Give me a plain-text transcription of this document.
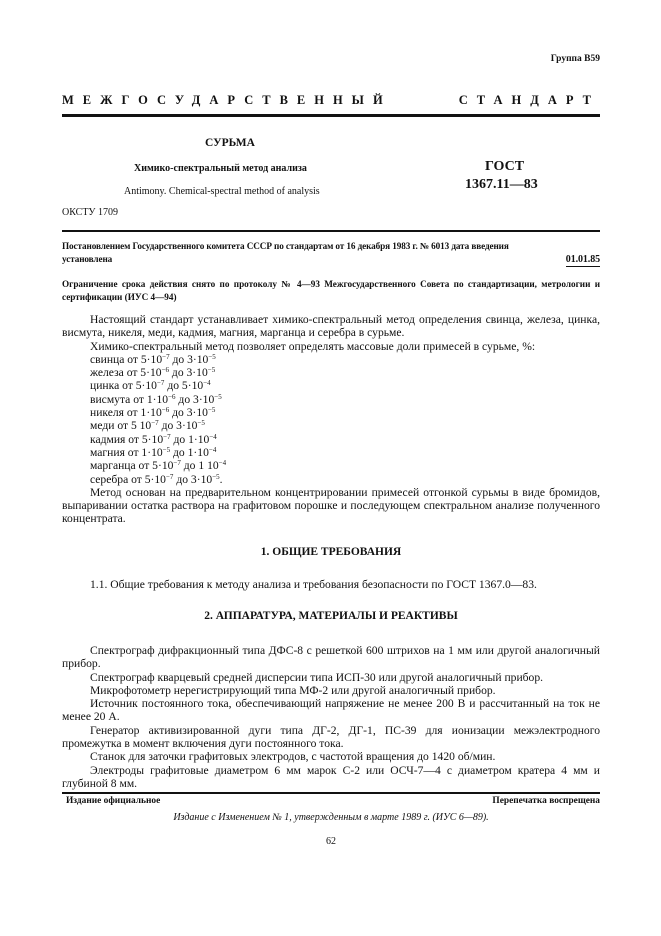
Группа В59
МЕЖГОСУДАРСТВЕННЫЙ	СТАНДАРТ
СУРЬМА
Химико-спектральный метод анализа
Antimony. Chemical-spectral method of analysis
ГОСТ
1367.11—83
ОКСТУ 1709
Постановлением Государственного комитета СССР по стандартам от 16 декабря 1983 г. № 6013 дата введения
установлена	01.01.85
Ограничение срока действия снято по протоколу № 4—93 Межгосударственного Совета по стандартизации, метрологии и сертификации (ИУС 4—94)
Настоящий стандарт устанавливает химико-спектральный метод определения свинца, железа, цинка, висмута, никеля, меди, кадмия, магния, марганца и серебра в сурьме.
Химико-спектральный метод позволяет определять массовые доли примесей в сурьме, %:
свинца от $5\cdot 10^{-7}$ до $3\cdot 10^{-5}$
железа от $5\cdot 10^{-6}$ до $3\cdot 10^{-5}$
цинка от $5\cdot 10^{-7}$ до $5\cdot 10^{-4}$
висмута от $1\cdot 10^{-6}$ до $3\cdot 10^{-5}$
никеля от $1\cdot 10^{-6}$ до $3\cdot 10^{-5}$
меди от 5 $10^{-7}$ до $3\cdot 10^{-5}$
кадмия от $5\cdot 10^{-7}$ до $1\cdot 10^{-4}$
магния от $1\cdot 10^{-5}$ до $1\cdot 10^{-4}$
марганца от $5\cdot 10^{-7}$ до 1 $10^{-4}$
серебра от $5\cdot 10^{-7}$ до $3\cdot 10^{-5}$.
Метод основан на предварительном концентрировании примесей отгонкой сурьмы в виде бромидов, выпаривании остатка раствора на графитовом порошке и последующем спектральном анализе полученного концентрата.
1. ОБЩИЕ ТРЕБОВАНИЯ
1.1. Общие требования к методу анализа и требования безопасности по ГОСТ 1367.0—83.
2. АППАРАТУРА, МАТЕРИАЛЫ И РЕАКТИВЫ
Спектрограф дифракционный типа ДФС-8 с решеткой 600 штрихов на 1 мм или другой аналогичный прибор.
Спектрограф кварцевый средней дисперсии типа ИСП-30 или другой аналогичный прибор.
Микрофотометр нерегистрирующий типа МФ-2 или другой аналогичный прибор.
Источник постоянного тока, обеспечивающий напряжение не менее 200 В и рассчитанный на ток не менее 20 А.
Генератор активизированной дуги типа ДГ-2, ДГ-1, ПС-39 для ионизации межэлектродного промежутка в момент включения дуги постоянного тока.
Станок для заточки графитовых электродов, с частотой вращения до 1420 об/мин.
Электроды графитовые диаметром 6 мм марок С-2 или ОСЧ-7—4 с диаметром кратера 4 мм и глубиной 8 мм.
Издание официальное	Перепечатка воспрещена
Издание с Изменением № 1, утвержденным в марте 1989 г. (ИУС 6—89).
62
